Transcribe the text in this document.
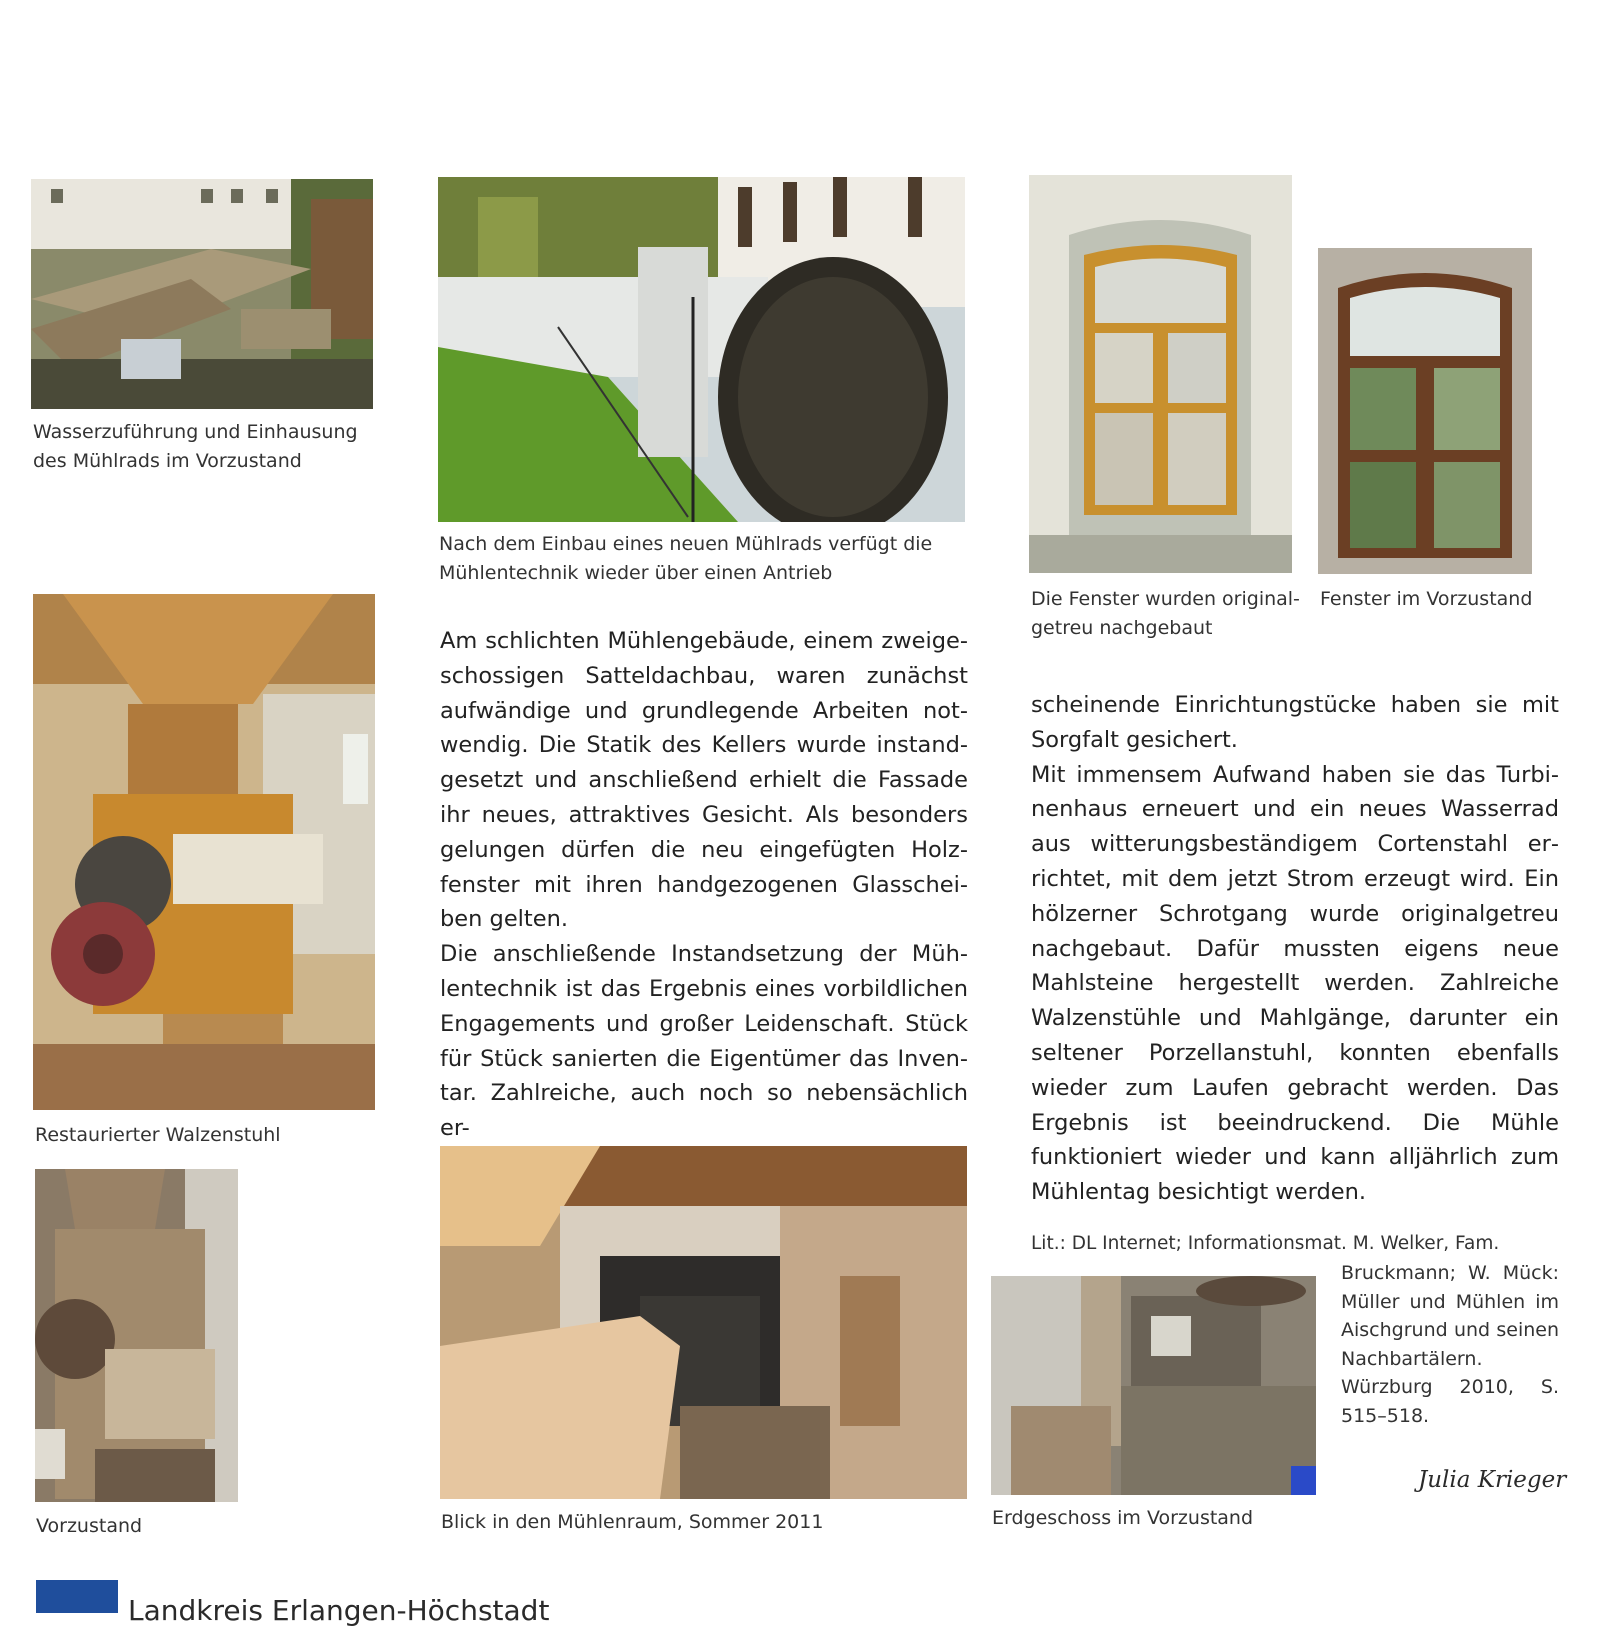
Wasserzuführung und Einhausung

des Mühlrads im Vorzustand

Nach dem Einbau eines neuen Mühlrads verfügt die

Mühlentechnik wieder über einen Antrieb

Die Fenster wurden original-

getreu nachgebaut

Fenster im Vorzustand

Restaurierter Walzenstuhl

Vorzustand	Blick in den Mühlenraum, Sommer 2011	Erdgeschoss im Vorzustand

Am schlichten Mühlengebäude, einem zweigeschossigen Satteldachbau, waren zunächst aufwändige und grundlegende Arbeiten notwendig. Die Statik des Kellers wurde instandgesetzt und anschließend erhielt die Fassade ihr neues, attraktives Gesicht. Als besonders gelungen dürfen die neu eingefügten Holzfenster mit ihren handgezogenen Glasscheiben gelten.

Die anschließende Instandsetzung der Mühlentechnik ist das Ergebnis eines vorbildlichen Engagements und großer Leidenschaft. Stück für Stück sanierten die Eigentümer das Inventar. Zahlreiche, auch noch so nebensächlich er-

scheinende Einrichtungstücke haben sie mit Sorgfalt gesichert.

Mit immensem Aufwand haben sie das Turbinenhaus erneuert und ein neues Wasserrad aus witterungsbeständigem Cortenstahl errichtet, mit dem jetzt Strom erzeugt wird. Ein hölzerner Schrotgang wurde originalgetreu nachgebaut. Dafür mussten eigens neue Mahlsteine hergestellt werden. Zahlreiche Walzenstühle und Mahlgänge, darunter ein seltener Porzellanstuhl, konnten ebenfalls wieder zum Laufen gebracht werden. Das Ergebnis ist beeindruckend. Die Mühle funktioniert wieder und kann alljährlich zum Mühlentag besichtigt werden.

Lit.: DL Internet; Informationsmat. M. Welker, Fam.

Bruckmann; W. Mück: Müller und Mühlen im Aischgrund und seinen Nachbartälern. Würzburg 2010, S. 515–518.

Julia Krieger

Landkreis Erlangen-Höchstadt
